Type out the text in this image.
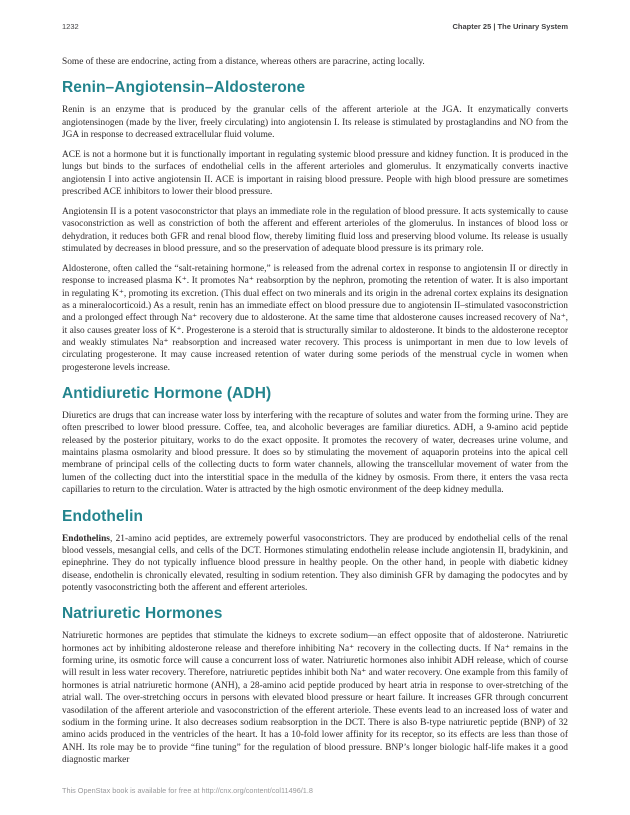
1232	Chapter 25 | The Urinary System

Some of these are endocrine, acting from a distance, whereas others are paracrine, acting locally.

Renin–Angiotensin–Aldosterone

Renin is an enzyme that is produced by the granular cells of the afferent arteriole at the JGA. It enzymatically converts angiotensinogen (made by the liver, freely circulating) into angiotensin I. Its release is stimulated by prostaglandins and NO from the JGA in response to decreased extracellular fluid volume.

ACE is not a hormone but it is functionally important in regulating systemic blood pressure and kidney function. It is produced in the lungs but binds to the surfaces of endothelial cells in the afferent arterioles and glomerulus. It enzymatically converts inactive angiotensin I into active angiotensin II. ACE is important in raising blood pressure. People with high blood pressure are sometimes prescribed ACE inhibitors to lower their blood pressure.

Angiotensin II is a potent vasoconstrictor that plays an immediate role in the regulation of blood pressure. It acts systemically to cause vasoconstriction as well as constriction of both the afferent and efferent arterioles of the glomerulus. In instances of blood loss or dehydration, it reduces both GFR and renal blood flow, thereby limiting fluid loss and preserving blood volume. Its release is usually stimulated by decreases in blood pressure, and so the preservation of adequate blood pressure is its primary role.

Aldosterone, often called the “salt-retaining hormone,” is released from the adrenal cortex in response to angiotensin II or directly in response to increased plasma K⁺. It promotes Na⁺ reabsorption by the nephron, promoting the retention of water. It is also important in regulating K⁺, promoting its excretion. (This dual effect on two minerals and its origin in the adrenal cortex explains its designation as a mineralocorticoid.) As a result, renin has an immediate effect on blood pressure due to angiotensin II–stimulated vasoconstriction and a prolonged effect through Na⁺ recovery due to aldosterone. At the same time that aldosterone causes increased recovery of Na⁺, it also causes greater loss of K⁺. Progesterone is a steroid that is structurally similar to aldosterone. It binds to the aldosterone receptor and weakly stimulates Na⁺ reabsorption and increased water recovery. This process is unimportant in men due to low levels of circulating progesterone. It may cause increased retention of water during some periods of the menstrual cycle in women when progesterone levels increase.

Antidiuretic Hormone (ADH)

Diuretics are drugs that can increase water loss by interfering with the recapture of solutes and water from the forming urine. They are often prescribed to lower blood pressure. Coffee, tea, and alcoholic beverages are familiar diuretics. ADH, a 9-amino acid peptide released by the posterior pituitary, works to do the exact opposite. It promotes the recovery of water, decreases urine volume, and maintains plasma osmolarity and blood pressure. It does so by stimulating the movement of aquaporin proteins into the apical cell membrane of principal cells of the collecting ducts to form water channels, allowing the transcellular movement of water from the lumen of the collecting duct into the interstitial space in the medulla of the kidney by osmosis. From there, it enters the vasa recta capillaries to return to the circulation. Water is attracted by the high osmotic environment of the deep kidney medulla.

Endothelin

Endothelins, 21-amino acid peptides, are extremely powerful vasoconstrictors. They are produced by endothelial cells of the renal blood vessels, mesangial cells, and cells of the DCT. Hormones stimulating endothelin release include angiotensin II, bradykinin, and epinephrine. They do not typically influence blood pressure in healthy people. On the other hand, in people with diabetic kidney disease, endothelin is chronically elevated, resulting in sodium retention. They also diminish GFR by damaging the podocytes and by potently vasoconstricting both the afferent and efferent arterioles.

Natriuretic Hormones

Natriuretic hormones are peptides that stimulate the kidneys to excrete sodium—an effect opposite that of aldosterone. Natriuretic hormones act by inhibiting aldosterone release and therefore inhibiting Na⁺ recovery in the collecting ducts. If Na⁺ remains in the forming urine, its osmotic force will cause a concurrent loss of water. Natriuretic hormones also inhibit ADH release, which of course will result in less water recovery. Therefore, natriuretic peptides inhibit both Na⁺ and water recovery. One example from this family of hormones is atrial natriuretic hormone (ANH), a 28-amino acid peptide produced by heart atria in response to over-stretching of the atrial wall. The over-stretching occurs in persons with elevated blood pressure or heart failure. It increases GFR through concurrent vasodilation of the afferent arteriole and vasoconstriction of the efferent arteriole. These events lead to an increased loss of water and sodium in the forming urine. It also decreases sodium reabsorption in the DCT. There is also B-type natriuretic peptide (BNP) of 32 amino acids produced in the ventricles of the heart. It has a 10-fold lower affinity for its receptor, so its effects are less than those of ANH. Its role may be to provide “fine tuning” for the regulation of blood pressure. BNP’s longer biologic half-life makes it a good diagnostic marker

This OpenStax book is available for free at http://cnx.org/content/col11496/1.8
